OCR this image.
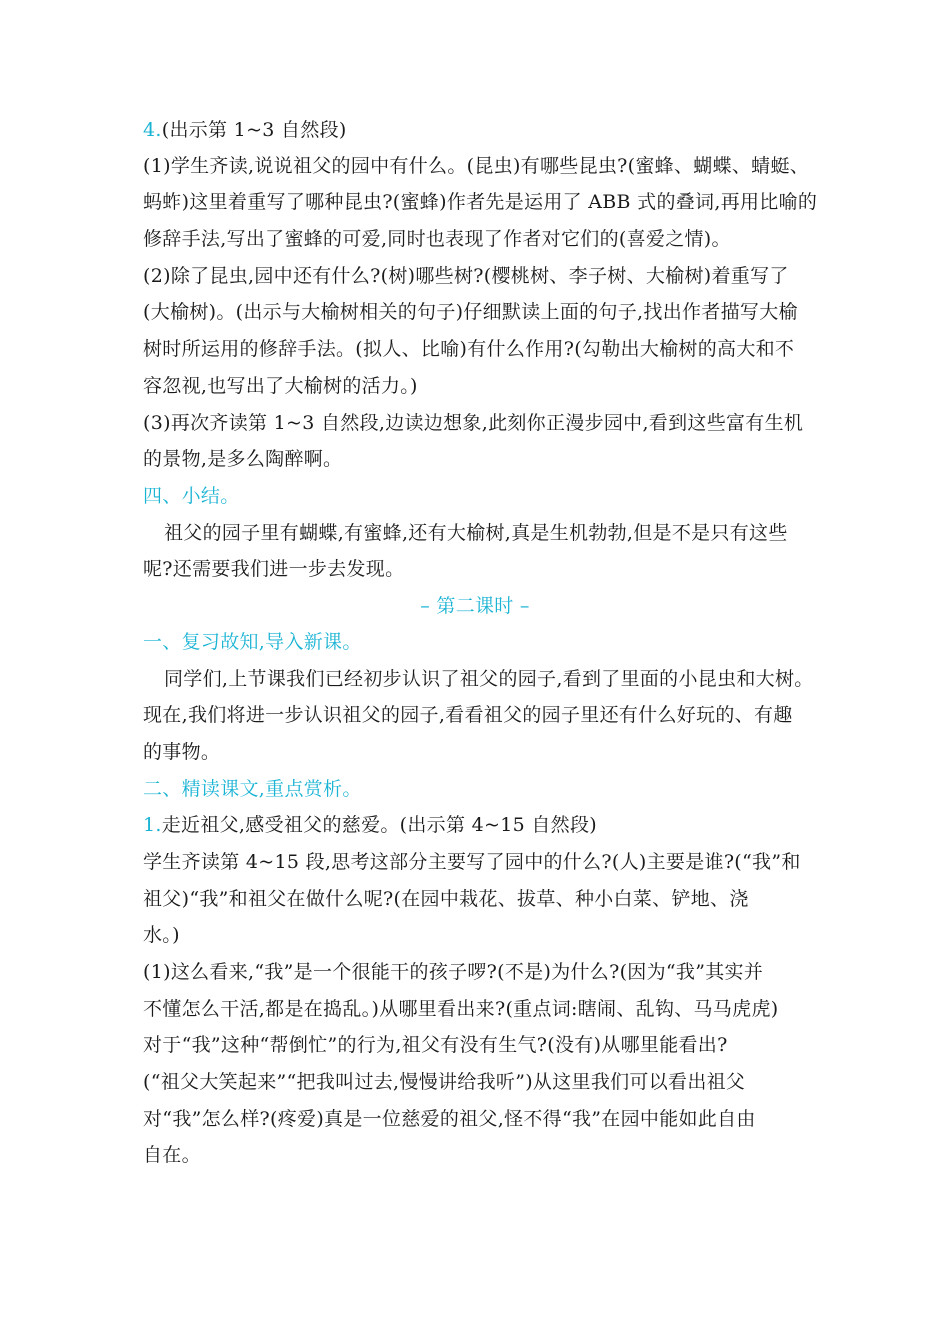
4.(出示第 1~3 自然段)
(1)学生齐读,说说祖父的园中有什么。(昆虫)有哪些昆虫?(蜜蜂、蝴蝶、蜻蜓、
蚂蚱)这里着重写了哪种昆虫?(蜜蜂)作者先是运用了 ABB 式的叠词,再用比喻的
修辞手法,写出了蜜蜂的可爱,同时也表现了作者对它们的(喜爱之情)。
(2)除了昆虫,园中还有什么?(树)哪些树?(樱桃树、李子树、大榆树)着重写了
(大榆树)。(出示与大榆树相关的句子)仔细默读上面的句子,找出作者描写大榆
树时所运用的修辞手法。(拟人、比喻)有什么作用?(勾勒出大榆树的高大和不
容忽视,也写出了大榆树的活力。)
(3)再次齐读第 1~3 自然段,边读边想象,此刻你正漫步园中,看到这些富有生机
的景物,是多么陶醉啊。
四、小结。
祖父的园子里有蝴蝶,有蜜蜂,还有大榆树,真是生机勃勃,但是不是只有这些
呢?还需要我们进一步去发现。
– 第二课时 –
一、复习故知,导入新课。
同学们,上节课我们已经初步认识了祖父的园子,看到了里面的小昆虫和大树。
现在,我们将进一步认识祖父的园子,看看祖父的园子里还有什么好玩的、有趣
的事物。
二、精读课文,重点赏析。
1.走近祖父,感受祖父的慈爱。(出示第 4~15 自然段)
学生齐读第 4~15 段,思考这部分主要写了园中的什么?(人)主要是谁?(“我”和
祖父)“我”和祖父在做什么呢?(在园中栽花、拔草、种小白菜、铲地、浇
水。)
(1)这么看来,“我”是一个很能干的孩子啰?(不是)为什么?(因为“我”其实并
不懂怎么干活,都是在捣乱。)从哪里看出来?(重点词:瞎闹、乱钩、马马虎虎)
对于“我”这种“帮倒忙”的行为,祖父有没有生气?(没有)从哪里能看出?
(“祖父大笑起来”“把我叫过去,慢慢讲给我听”)从这里我们可以看出祖父
对“我”怎么样?(疼爱)真是一位慈爱的祖父,怪不得“我”在园中能如此自由
自在。
